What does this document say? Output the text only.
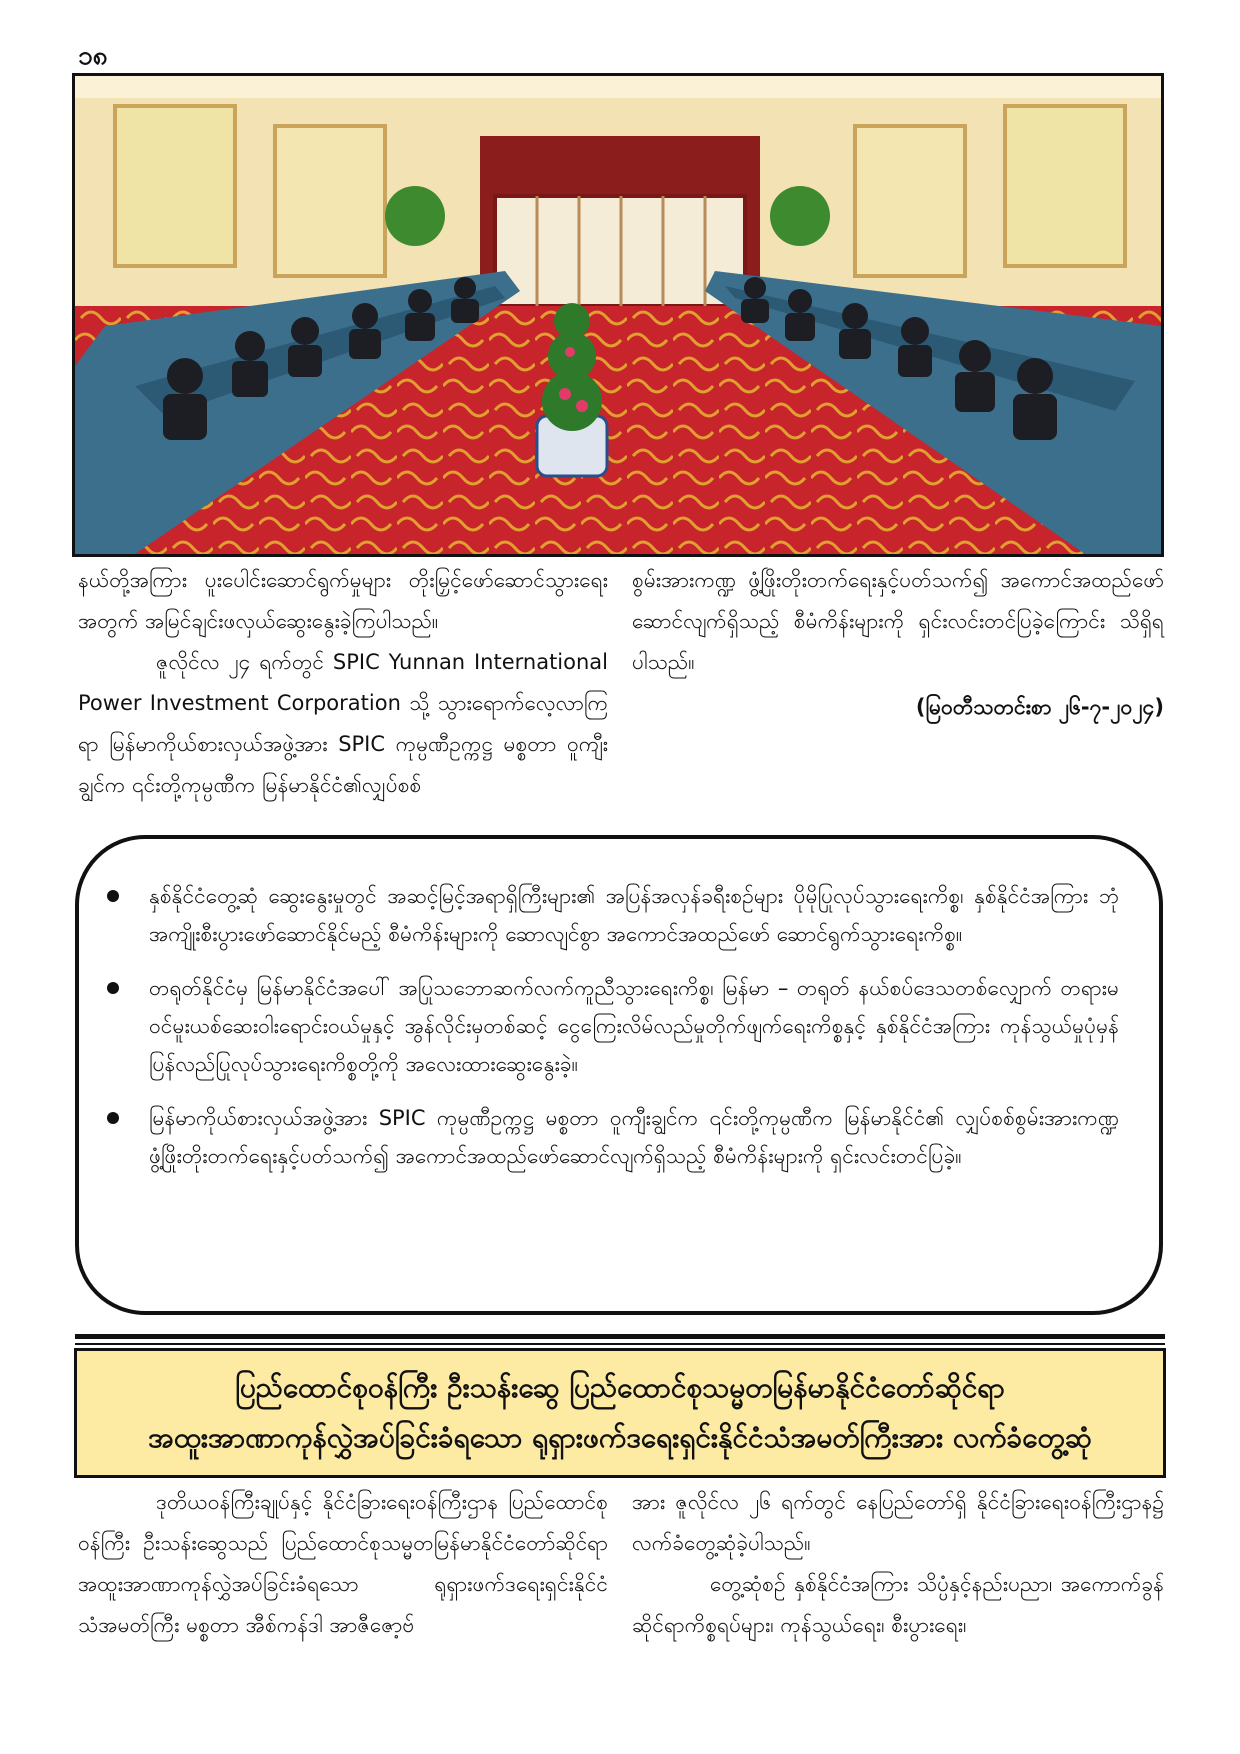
၁၈

နယ်တို့အကြား ပူးပေါင်းဆောင်ရွက်မှုများ တိုးမြှင့်ဖော်ဆောင်သွားရေးအတွက် အမြင်ချင်းဖလှယ်ဆွေးနွေးခဲ့ကြပါသည်။

ဇူလိုင်လ ၂၄ ရက်တွင် SPIC Yunnan International Power Investment Corporation သို့ သွားရောက်လေ့လာကြရာ မြန်မာကိုယ်စားလှယ်အဖွဲ့အား SPIC ကုမ္ပဏီဥက္ကဋ္ဌ မစ္စတာ ဝူကျီးချွင်က ၎င်းတို့ကုမ္ပဏီက မြန်မာနိုင်ငံ၏လျှပ်စစ်

စွမ်းအားကဏ္ဍ ဖွံ့ဖြိုးတိုးတက်ရေးနှင့်ပတ်သက်၍ အကောင်အထည်ဖော်ဆောင်လျက်ရှိသည့် စီမံကိန်းများကို ရှင်းလင်းတင်ပြခဲ့ကြောင်း သိရှိရပါသည်။

(မြဝတီသတင်းစာ ၂၆-၇-၂၀၂၄)

နှစ်နိုင်ငံတွေ့ဆုံ ဆွေးနွေးမှုတွင် အဆင့်မြင့်အရာရှိကြီးများ၏ အပြန်အလှန်ခရီးစဉ်များ ပိုမိုပြုလုပ်သွားရေးကိစ္စ၊ နှစ်နိုင်ငံအကြား ဘုံအကျိုးစီးပွားဖော်ဆောင်နိုင်မည့် စီမံကိန်းများကို ဆောလျင်စွာ အကောင်အထည်ဖော် ဆောင်ရွက်သွားရေးကိစ္စ။
တရုတ်နိုင်ငံမှ မြန်မာနိုင်ငံအပေါ် အပြုသဘောဆက်လက်ကူညီသွားရေးကိစ္စ၊ မြန်မာ – တရုတ် နယ်စပ်ဒေသတစ်လျှောက် တရားမဝင်မူးယစ်ဆေးဝါးရောင်းဝယ်မှုနှင့် အွန်လိုင်းမှတစ်ဆင့် ငွေကြေးလိမ်လည်မှုတိုက်ဖျက်ရေးကိစ္စနှင့် နှစ်နိုင်ငံအကြား ကုန်သွယ်မှုပုံမှန် ပြန်လည်ပြုလုပ်သွားရေးကိစ္စတို့ကို အလေးထားဆွေးနွေးခဲ့။
မြန်မာကိုယ်စားလှယ်အဖွဲ့အား SPIC ကုမ္ပဏီဥက္ကဋ္ဌ မစ္စတာ ဝူကျီးချွင်က ၎င်းတို့ကုမ္ပဏီက မြန်မာနိုင်ငံ၏ လျှပ်စစ်စွမ်းအားကဏ္ဍ ဖွံ့ဖြိုးတိုးတက်ရေးနှင့်ပတ်သက်၍ အကောင်အထည်ဖော်ဆောင်လျက်ရှိသည့် စီမံကိန်းများကို ရှင်းလင်းတင်ပြခဲ့။
ပြည်ထောင်စုဝန်ကြီး ဦးသန်းဆွေ ပြည်ထောင်စုသမ္မတမြန်မာနိုင်ငံတော်ဆိုင်ရာ
အထူးအာဏာကုန်လွှဲအပ်ခြင်းခံရသော ရုရှားဖက်ဒရေးရှင်းနိုင်ငံသံအမတ်ကြီးအား လက်ခံတွေ့ဆုံ

ဒုတိယဝန်ကြီးချုပ်နှင့် နိုင်ငံခြားရေးဝန်ကြီးဌာန ပြည်ထောင်စုဝန်ကြီး ဦးသန်းဆွေသည် ပြည်ထောင်စုသမ္မတမြန်မာနိုင်ငံတော်ဆိုင်ရာ အထူးအာဏာကုန်လွှဲအပ်ခြင်းခံရသော ရုရှားဖက်ဒရေးရှင်းနိုင်ငံသံအမတ်ကြီး မစ္စတာ အီစ်ကန်ဒါ အာဇီဇော့ဗ်

အား ဇူလိုင်လ ၂၆ ရက်တွင် နေပြည်တော်ရှိ နိုင်ငံခြားရေးဝန်ကြီးဌာန၌ လက်ခံတွေ့ဆုံခဲ့ပါသည်။

တွေ့ဆုံစဉ် နှစ်နိုင်ငံအကြား သိပ္ပံနှင့်နည်းပညာ၊ အကောက်ခွန်ဆိုင်ရာကိစ္စရပ်များ၊ ကုန်သွယ်ရေး၊ စီးပွားရေး၊
